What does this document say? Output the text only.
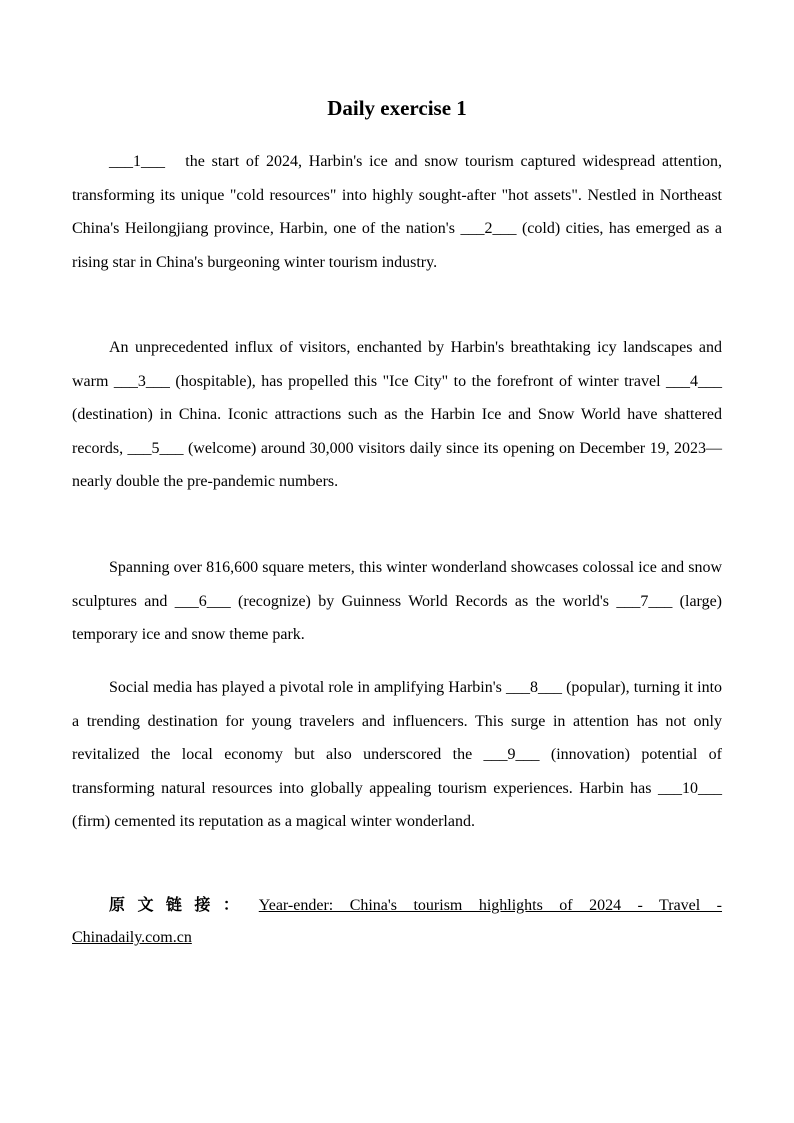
Daily exercise 1

___1___   the start of 2024, Harbin's ice and snow tourism captured widespread attention, transforming its unique "cold resources" into highly sought-after "hot assets". Nestled in Northeast China's Heilongjiang province, Harbin, one of the nation's ___2___ (cold) cities, has emerged as a rising star in China's burgeoning winter tourism industry.

An unprecedented influx of visitors, enchanted by Harbin's breathtaking icy landscapes and warm ___3___ (hospitable), has propelled this "Ice City" to the forefront of winter travel ___4___ (destination) in China. Iconic attractions such as the Harbin Ice and Snow World have shattered records, ___5___ (welcome) around 30,000 visitors daily since its opening on December 19, 2023—nearly double the pre-pandemic numbers.

Spanning over 816,600 square meters, this winter wonderland showcases colossal ice and snow sculptures and ___6___ (recognize) by Guinness World Records as the world's ___7___ (large) temporary ice and snow theme park.

Social media has played a pivotal role in amplifying Harbin's ___8___ (popular), turning it into a trending destination for young travelers and influencers. This surge in attention has not only revitalized the local economy but also underscored the ___9___ (innovation) potential of transforming natural resources into globally appealing tourism experiences. Harbin has ___10___ (firm) cemented its reputation as a magical winter wonderland.

原文链接： Year-ender: China's tourism highlights of 2024 - Travel - Chinadaily.com.cn
